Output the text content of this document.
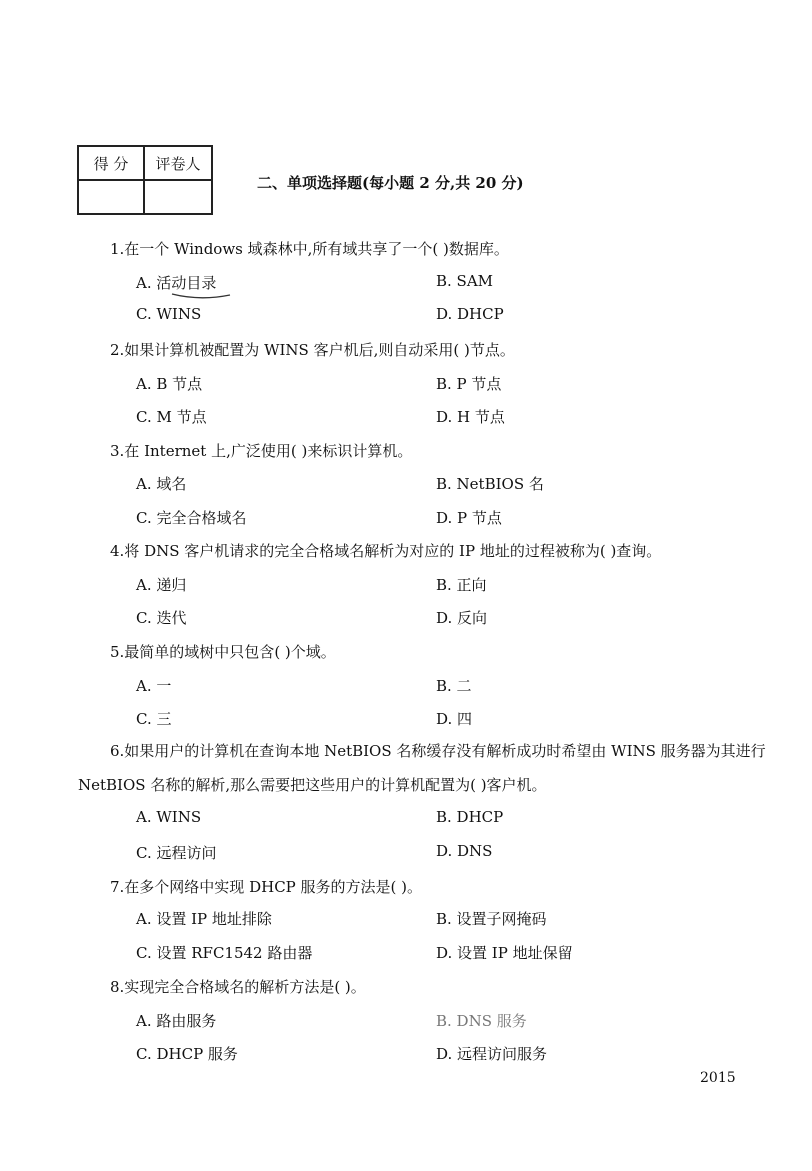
得 分	评卷人

二、单项选择题(每小题 2 分,共 20 分)
1.在一个 Windows 域森林中,所有域共享了一个( )数据库。
A. 活动目录	B. SAM
C. WINS	D. DHCP
2.如果计算机被配置为 WINS 客户机后,则自动采用( )节点。
A. B 节点	B. P 节点
C. M 节点	D. H 节点
3.在 Internet 上,广泛使用( )来标识计算机。
A. 域名	B. NetBIOS 名
C. 完全合格域名	D. P 节点
4.将 DNS 客户机请求的完全合格域名解析为对应的 IP 地址的过程被称为( )查询。
A. 递归	B. 正向
C. 迭代	D. 反向
5.最简单的域树中只包含( )个域。
A. 一	B. 二
C. 三	D. 四
6.如果用户的计算机在查询本地 NetBIOS 名称缓存没有解析成功时希望由 WINS 服务器为其进行 NetBIOS 名称的解析,那么需要把这些用户的计算机配置为( )客户机。
A. WINS	B. DHCP
C. 远程访问	D. DNS
7.在多个网络中实现 DHCP 服务的方法是( )。
A. 设置 IP 地址排除	B. 设置子网掩码
C. 设置 RFC1542 路由器	D. 设置 IP 地址保留
8.实现完全合格域名的解析方法是( )。
A. 路由服务	B. DNS 服务
C. DHCP 服务	D. 远程访问服务
2015
